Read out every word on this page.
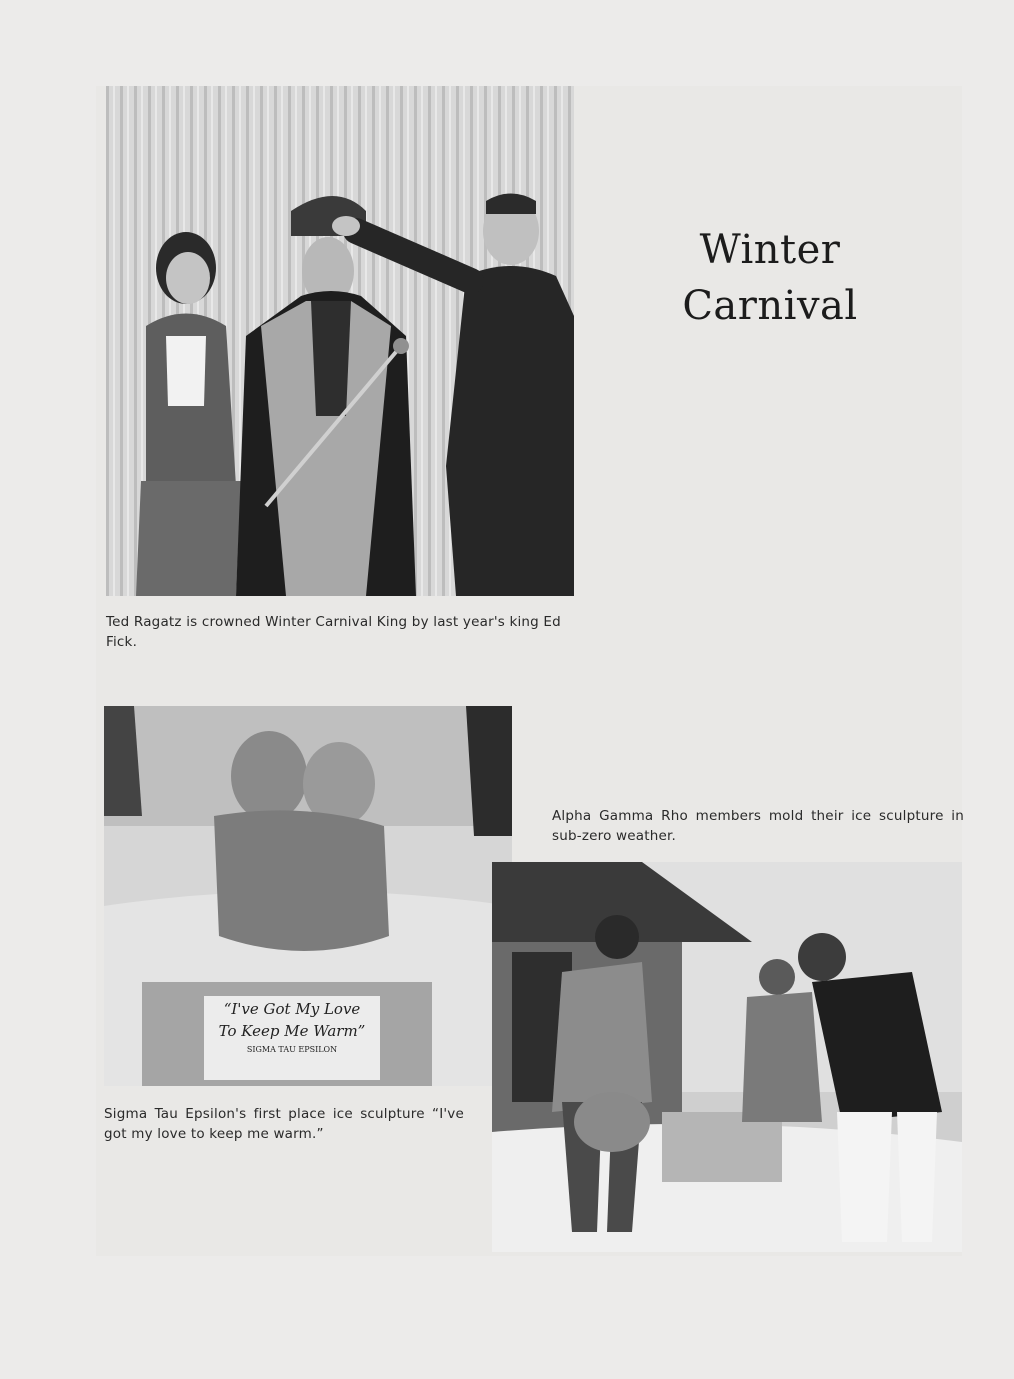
Ted Ragatz is crowned Winter Carnival King by last year's king Ed Fick.
Winter
Carnival
“I've Got My Love
To Keep Me Warm”
SIGMA TAU EPSILON
Sigma Tau Epsilon's first place ice sculpture “I've got my love to keep me warm.”
Alpha Gamma Rho members mold their ice sculpture in sub-zero weather.
